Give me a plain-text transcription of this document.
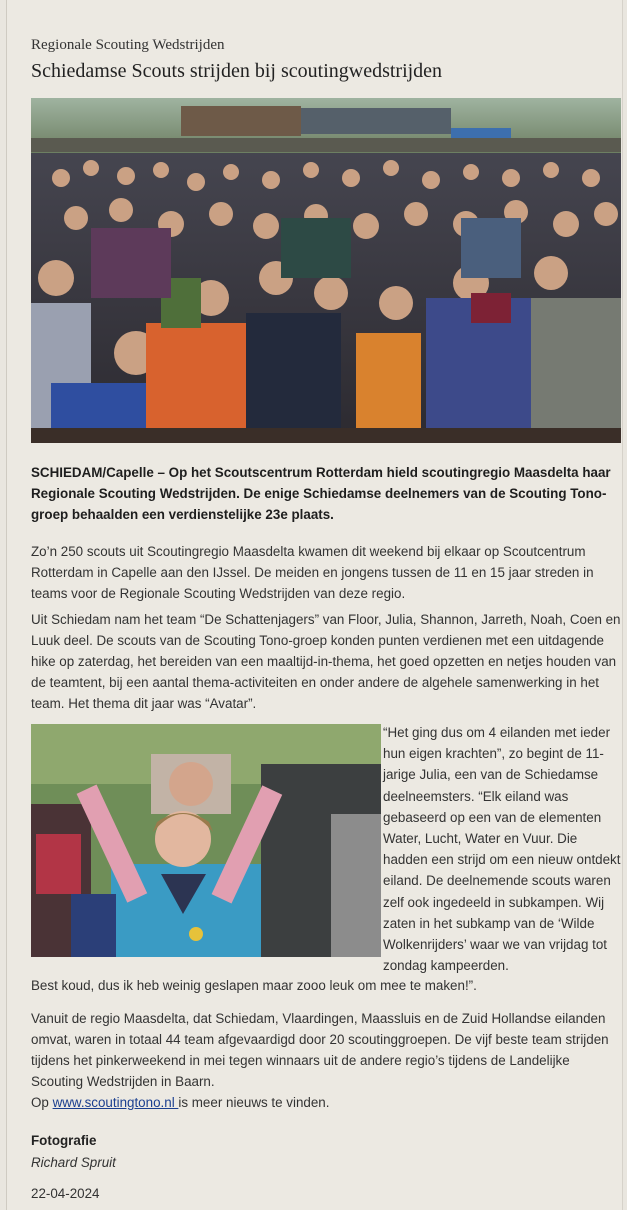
Regionale Scouting Wedstrijden
Schiedamse Scouts strijden bij scoutingwedstrijden

SCHIEDAM/Capelle – Op het Scoutscentrum Rotterdam hield scoutingregio Maasdelta haar Regionale Scouting Wedstrijden. De enige Schiedamse deelnemers van de Scouting Tono-groep behaalden een verdienstelijke 23e plaats.

Zo’n 250 scouts uit Scoutingregio Maasdelta kwamen dit weekend bij elkaar op Scoutcentrum Rotterdam in Capelle aan den IJssel. De meiden en jongens tussen de 11 en 15 jaar streden in teams voor de Regionale Scouting Wedstrijden van deze regio.

Uit Schiedam nam het team “De Schattenjagers” van Floor, Julia, Shannon, Jarreth, Noah, Coen en Luuk deel. De scouts van de Scouting Tono-groep konden punten verdienen met een uitdagende hike op zaterdag, het bereiden van een maaltijd-in-thema, het goed opzetten en netjes houden van de teamtent, bij een aantal thema-activiteiten en onder andere de algehele samenwerking in het team. Het thema dit jaar was “Avatar”.

“Het ging dus om 4 eilanden met ieder hun eigen krachten”, zo begint de 11-jarige Julia, een van de Schiedamse deelneemsters. “Elk eiland was gebaseerd op een van de elementen Water, Lucht, Water en Vuur. Die hadden een strijd om een nieuw ontdekt eiland. De deelnemende scouts waren zelf ook ingedeeld in subkampen. Wij zaten in het subkamp van de ‘Wilde Wolkenrijders’ waar we van vrijdag tot zondag kampeerden.

Best koud, dus ik heb weinig geslapen maar zooo leuk om mee te maken!”.

Vanuit de regio Maasdelta, dat Schiedam, Vlaardingen, Maassluis en de Zuid Hollandse eilanden omvat, waren in totaal 44 team afgevaardigd door 20 scoutinggroepen. De vijf beste team strijden tijdens het pinkerweekend in mei tegen winnaars uit de andere regio’s tijdens de Landelijke Scouting Wedstrijden in Baarn.
Op www.scoutingtono.nl is meer nieuws te vinden.

Fotografie
Richard Spruit
22-04-2024
